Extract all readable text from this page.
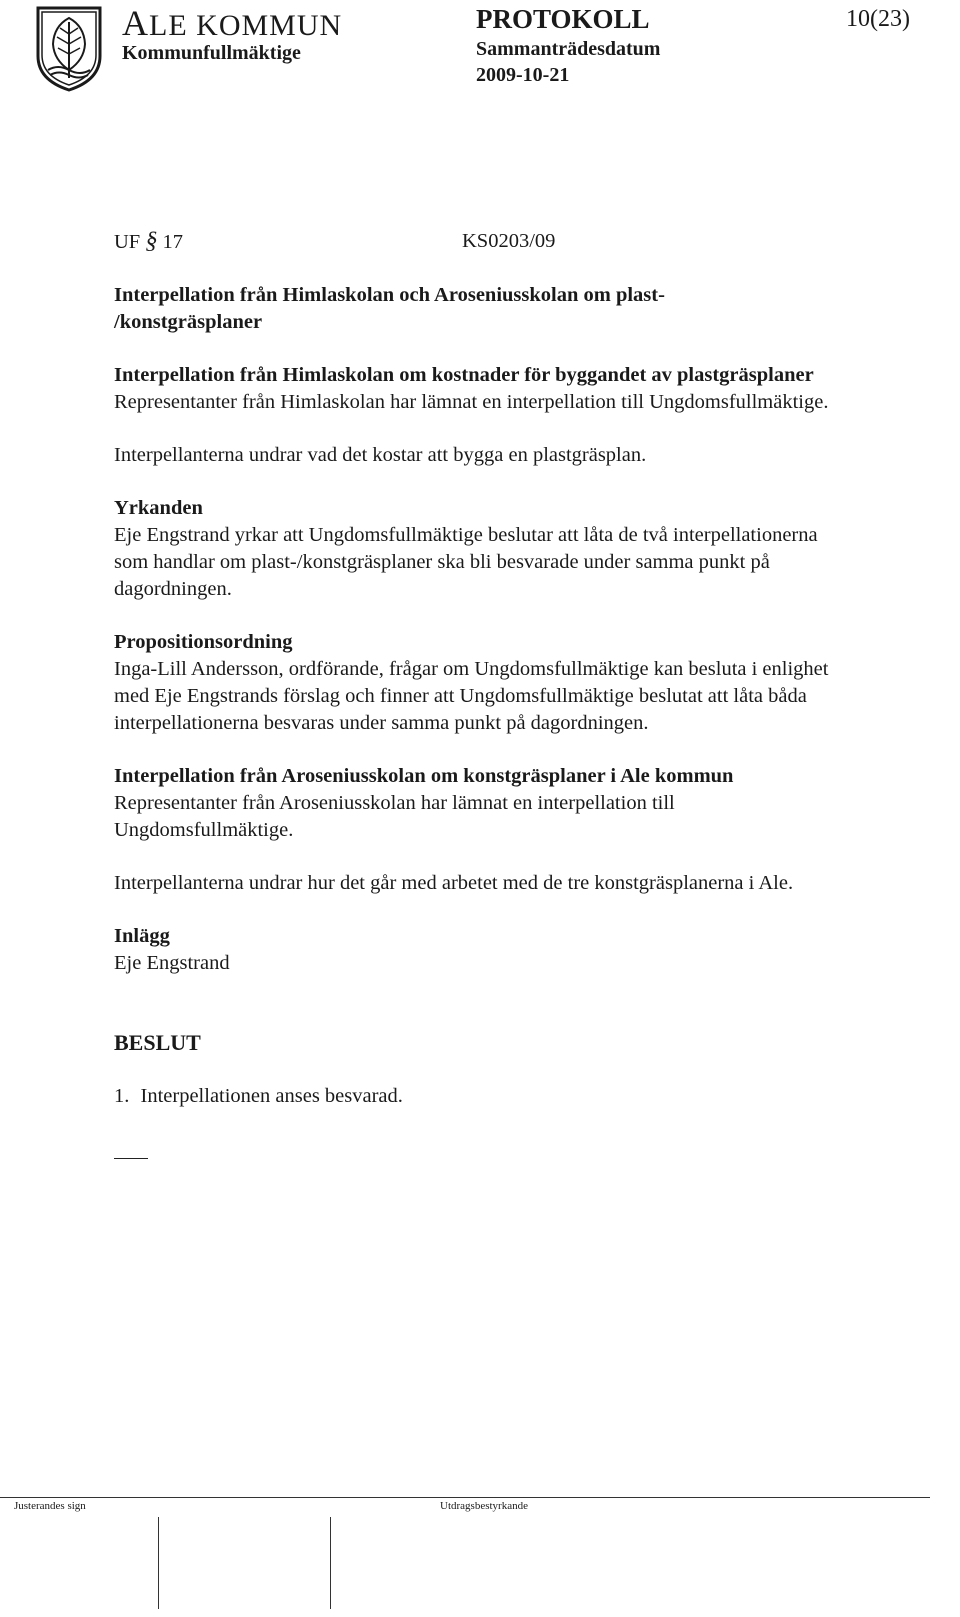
ALE KOMMUN
Kommunfullmäktige
PROTOKOLL	10(23)
Sammanträdesdatum
2009-10-21
UF § 17	KS0203/09
Interpellation från Himlaskolan och Aroseniusskolan om plast-
/konstgräsplaner
Interpellation från Himlaskolan om kostnader för byggandet av plastgräsplaner
Representanter från Himlaskolan har lämnat en interpellation till Ungdomsfullmäktige.
Interpellanterna undrar vad det kostar att bygga en plastgräsplan.
Yrkanden
Eje Engstrand yrkar att Ungdomsfullmäktige beslutar att låta de två interpellationerna
som handlar om plast-/konstgräsplaner ska bli besvarade under samma punkt på
dagordningen.
Propositionsordning
Inga-Lill Andersson, ordförande, frågar om Ungdomsfullmäktige kan besluta i enlighet
med Eje Engstrands förslag och finner att Ungdomsfullmäktige beslutat att låta båda
interpellationerna besvaras under samma punkt på dagordningen.
Interpellation från Aroseniusskolan om konstgräsplaner i Ale kommun
Representanter från Aroseniusskolan har lämnat en interpellation till
Ungdomsfullmäktige.
Interpellanterna undrar hur det går med arbetet med de tre konstgräsplanerna i Ale.
Inlägg
Eje Engstrand
BESLUT
1. Interpellationen anses besvarad.
Justerandes sign	Utdragsbestyrkande
